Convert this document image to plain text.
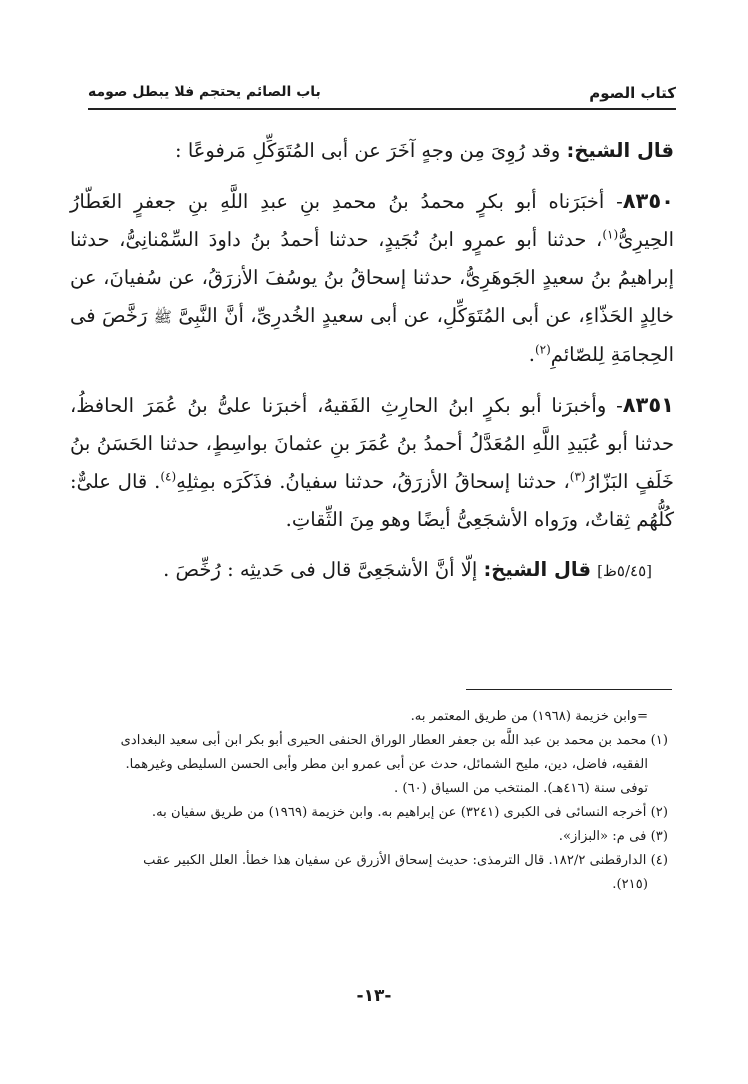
كتاب الصوم
باب الصائم يحتجم فلا يبطل صومه

قال الشيخ: وقد رُوِىَ مِن وجهٍ آخَرَ عن أبى المُتَوَكِّلِ مَرفوعًا :

٨٣٥٠- أخبَرَناه أبو بكرٍ محمدُ بنُ محمدِ بنِ عبدِ اللَّهِ بنِ جعفرٍ العَطّارُ الحِيرِىُّ$^{(١)}$، حدثنا أبو عمرٍو ابنُ نُجَيدٍ، حدثنا أحمدُ بنُ داودَ السِّمْنانِىُّ، حدثنا إبراهيمُ بنُ سعيدٍ الجَوهَرِىُّ، حدثنا إسحاقُ بنُ يوسُفَ الأزرَقُ، عن سُفيانَ، عن خالِدٍ الحَذّاءِ، عن أبى المُتَوَكِّلِ، عن أبى سعيدٍ الخُدرِىِّ، أنَّ النَّبِىَّ ﷺ رَخَّصَ فى الحِجامَةِ لِلصّائمِ$^{(٢)}$.

٨٣٥١- وأخبرَنا أبو بكرٍ ابنُ الحارِثِ الفَقيهُ، أخبرَنا علىُّ بنُ عُمَرَ الحافظُ، حدثنا أبو عُبَيدِ اللَّهِ المُعَدَّلُ أحمدُ بنُ عُمَرَ بنِ عثمانَ بواسِطٍ، حدثنا الحَسَنُ بنُ خَلَفٍ البَزّارُ$^{(٣)}$، حدثنا إسحاقُ الأزرَقُ، حدثنا سفيانُ. فذَكَرَه بمِثلِهِ$^{(٤)}$. قال علىٌّ: كُلُّهُم ثِقاتٌ، ورَواه الأشجَعِىُّ أيضًا وهو مِنَ الثِّقاتِ.

[٥/٤٥ظ] قال الشيخ: إلّا أنَّ الأشجَعِىَّ قال فى حَديثِه : رُخِّصَ .

=وابن خزيمة (١٩٦٨) من طريق المعتمر به.
(١) محمد بن محمد بن عبد اللَّه بن جعفر العطار الوراق الحنفى الحيرى أبو بكر ابن أبى سعيد البغدادى
الفقيه، فاضل، دين، مليح الشمائل، حدث عن أبى عمرو ابن مطر وأبى الحسن السليطى وغيرهما.
توفى سنة (٤١٦هـ). المنتخب من السياق (٦٠) .
(٢) أخرجه النسائى فى الكبرى (٣٢٤١) عن إبراهيم به. وابن خزيمة (١٩٦٩) من طريق سفيان به.
(٣) فى م: «البزاز».
(٤) الدارقطنى ١٨٢/٢. قال الترمذى: حديث إسحاق الأزرق عن سفيان هذا خطأ. العلل الكبير عقب
(٢١٥).
-١٣-
